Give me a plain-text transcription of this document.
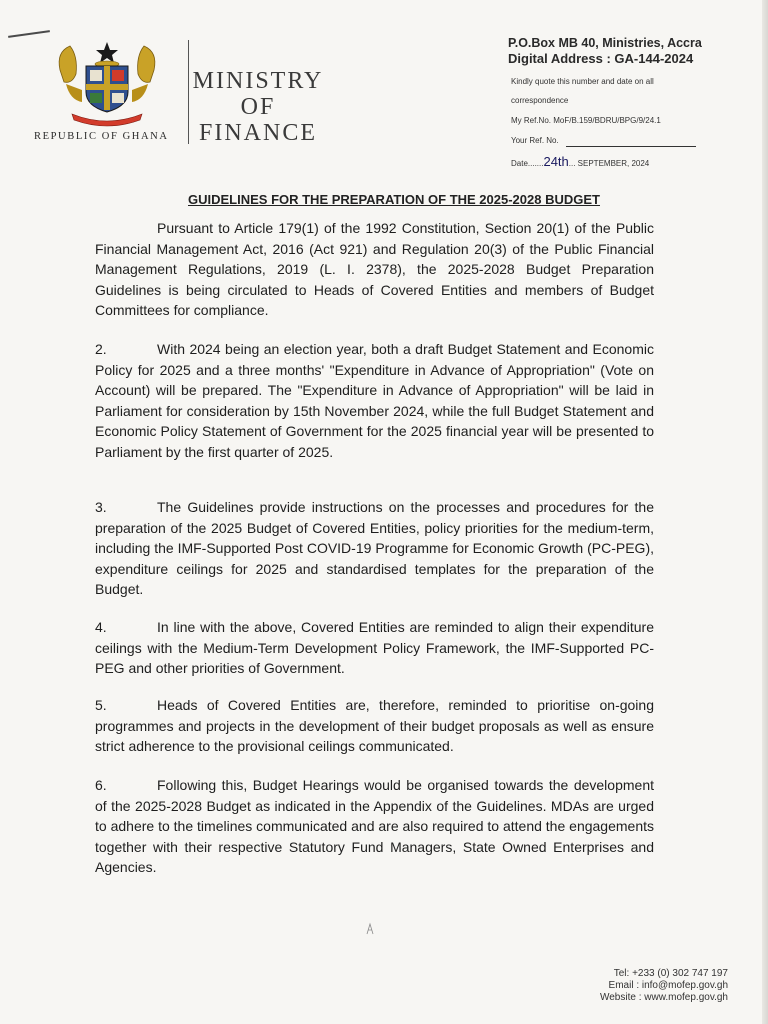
REPUBLIC OF GHANA
MINISTRY
OF
FINANCE
P.O.Box MB 40, Ministries, Accra
Digital Address : GA-144-2024
Kindly quote this number and date on all
correspondence
My Ref.No. MoF/B.159/BDRU/BPG/9/24.1
Your Ref. No.
Date.......24th... SEPTEMBER, 2024
GUIDELINES FOR THE PREPARATION OF THE 2025-2028 BUDGET
Pursuant to Article 179(1) of the 1992 Constitution, Section 20(1) of the Public Financial Management Act, 2016 (Act 921) and Regulation 20(3) of the Public Financial Management Regulations, 2019 (L. I. 2378), the 2025-2028 Budget Preparation Guidelines is being circulated to Heads of Covered Entities and members of Budget Committees for compliance.
2.	With 2024 being an election year, both a draft Budget Statement and Economic Policy for 2025 and a three months' "Expenditure in Advance of Appropriation" (Vote on Account) will be prepared. The "Expenditure in Advance of Appropriation" will be laid in Parliament for consideration by 15th November 2024, while the full Budget Statement and Economic Policy Statement of Government for the 2025 financial year will be presented to Parliament by the first quarter of 2025.
3.	The Guidelines provide instructions on the processes and procedures for the preparation of the 2025 Budget of Covered Entities, policy priorities for the medium-term, including the IMF-Supported Post COVID-19 Programme for Economic Growth (PC-PEG), expenditure ceilings for 2025 and standardised templates for the preparation of the Budget.
4.	In line with the above, Covered Entities are reminded to align their expenditure ceilings with the Medium-Term Development Policy Framework, the IMF-Supported PC-PEG and other priorities of Government.
5.	Heads of Covered Entities are, therefore, reminded to prioritise on-going programmes and projects in the development of their budget proposals as well as ensure strict adherence to the provisional ceilings communicated.
6.	Following this, Budget Hearings would be organised towards the development of the 2025-2028 Budget as indicated in the Appendix of the Guidelines. MDAs are urged to adhere to the timelines communicated and are also required to attend the engagements together with their respective Statutory Fund Managers, State Owned Enterprises and Agencies.
Tel: +233 (0) 302 747 197
Email : info@mofep.gov.gh
Website : www.mofep.gov.gh
